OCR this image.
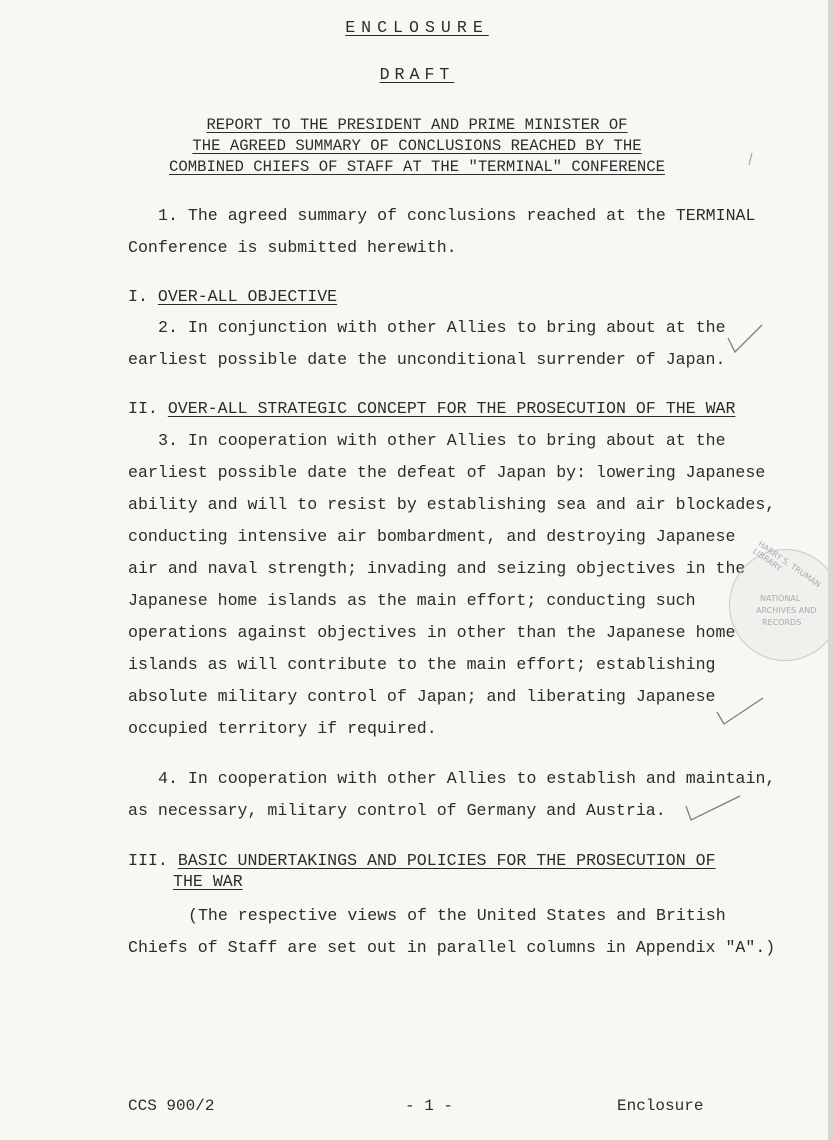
ENCLOSURE
DRAFT
REPORT TO THE PRESIDENT AND PRIME MINISTER OF
THE AGREED SUMMARY OF CONCLUSIONS REACHED BY THE
COMBINED CHIEFS OF STAFF AT THE "TERMINAL" CONFERENCE
1. The agreed summary of conclusions reached at the TERMINAL
Conference is submitted herewith.
I. OVER-ALL OBJECTIVE
2. In conjunction with other Allies to bring about at the
earliest possible date the unconditional surrender of Japan.
II. OVER-ALL STRATEGIC CONCEPT FOR THE PROSECUTION OF THE WAR
3. In cooperation with other Allies to bring about at the
earliest possible date the defeat of Japan by: lowering Japanese
ability and will to resist by establishing sea and air blockades,
conducting intensive air bombardment, and destroying Japanese
air and naval strength; invading and seizing objectives in the
Japanese home islands as the main effort; conducting such
operations against objectives in other than the Japanese home
islands as will contribute to the main effort; establishing
absolute military control of Japan; and liberating Japanese
occupied territory if required.
4. In cooperation with other Allies to establish and maintain,
as necessary, military control of Germany and Austria.
III. BASIC UNDERTAKINGS AND POLICIES FOR THE PROSECUTION OF
THE WAR
(The respective views of the United States and British
Chiefs of Staff are set out in parallel columns in Appendix "A".)
CCS 900/2	- 1 -	Enclosure
HARRY S. TRUMAN LIBRARY
NATIONAL
ARCHIVES AND
RECORDS
